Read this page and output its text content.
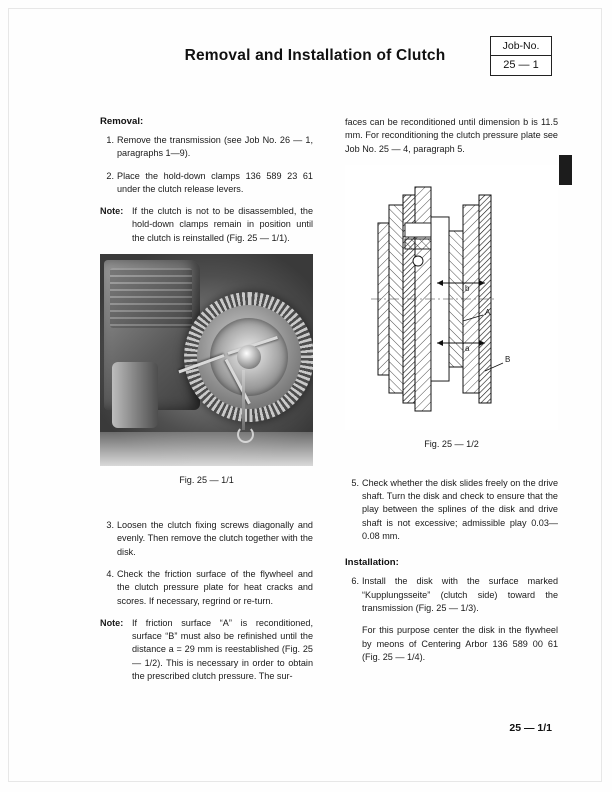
Removal and Installation of Clutch
Job-No.
25 — 1
Removal:
1. Remove the transmission (see Job No. 26 — 1, paragraphs 1—9).
2. Place the hold-down clamps 136 589 23 61 under the clutch release levers.
Note: If the clutch is not to be disassembled, the hold-down clamps remain in position until the clutch is reinstalled (Fig. 25 — 1/1).
Fig. 25 — 1/1
3. Loosen the clutch fixing screws diagonally and evenly. Then remove the clutch together with the disk.
4. Check the friction surface of the flywheel and the clutch pressure plate for heat cracks and scores. If necessary, regrind or re-turn.
Note: If friction surface “A” is reconditioned, surface “B” must also be refinished until the distance a = 29 mm is reestablished (Fig. 25 — 1/2). This is necessary in order to obtain the prescribed clutch pressure. The sur-
faces can be reconditioned until dimension b is 11.5 mm. For reconditioning the clutch pressure plate see Job No. 25 — 4, paragraph 5.
b
a
A
B
Fig. 25 — 1/2
5. Check whether the disk slides freely on the drive shaft. Turn the disk and check to ensure that the play between the splines of the disk and drive shaft is not excessive; admissible play 0.03—0.08 mm.
Installation:
6. Install the disk with the surface marked “Kupplungsseite” (clutch side) toward the transmission (Fig. 25 — 1/3).
For this purpose center the disk in the flywheel by meons of Centering Arbor 136 589 00 61 (Fig. 25 — 1/4).
25 — 1/1
